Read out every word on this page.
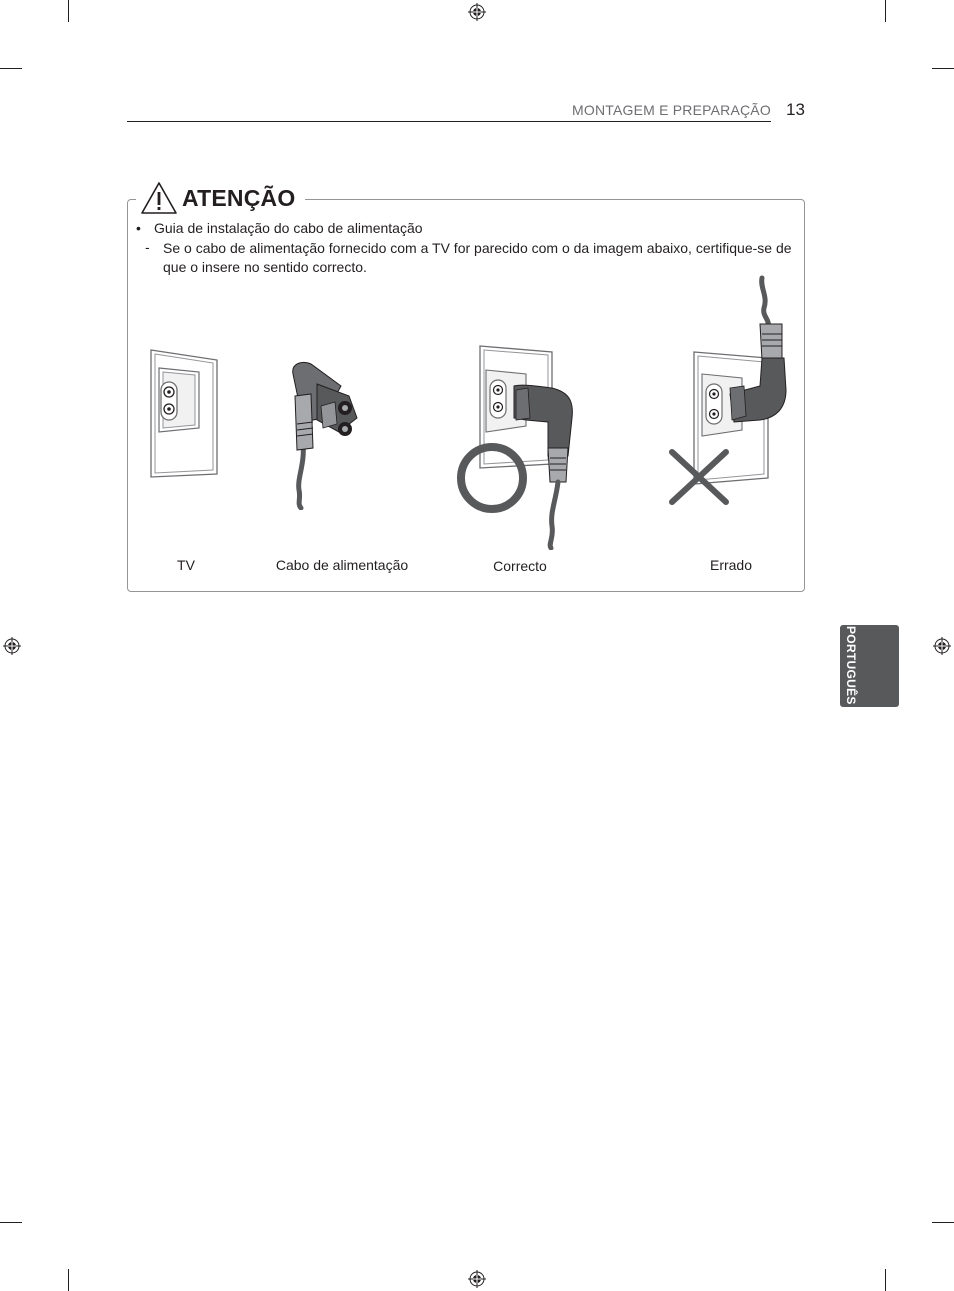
MONTAGEM E PREPARAÇÃO 13
ATENÇÃO
• Guia de instalação do cabo de alimentação
- Se o cabo de alimentação fornecido com a TV for parecido com o da imagem abaixo, certifique-se de que o insere no sentido correcto.
TV	Cabo de alimentação	Correcto	Errado
PORTUGUÊS
